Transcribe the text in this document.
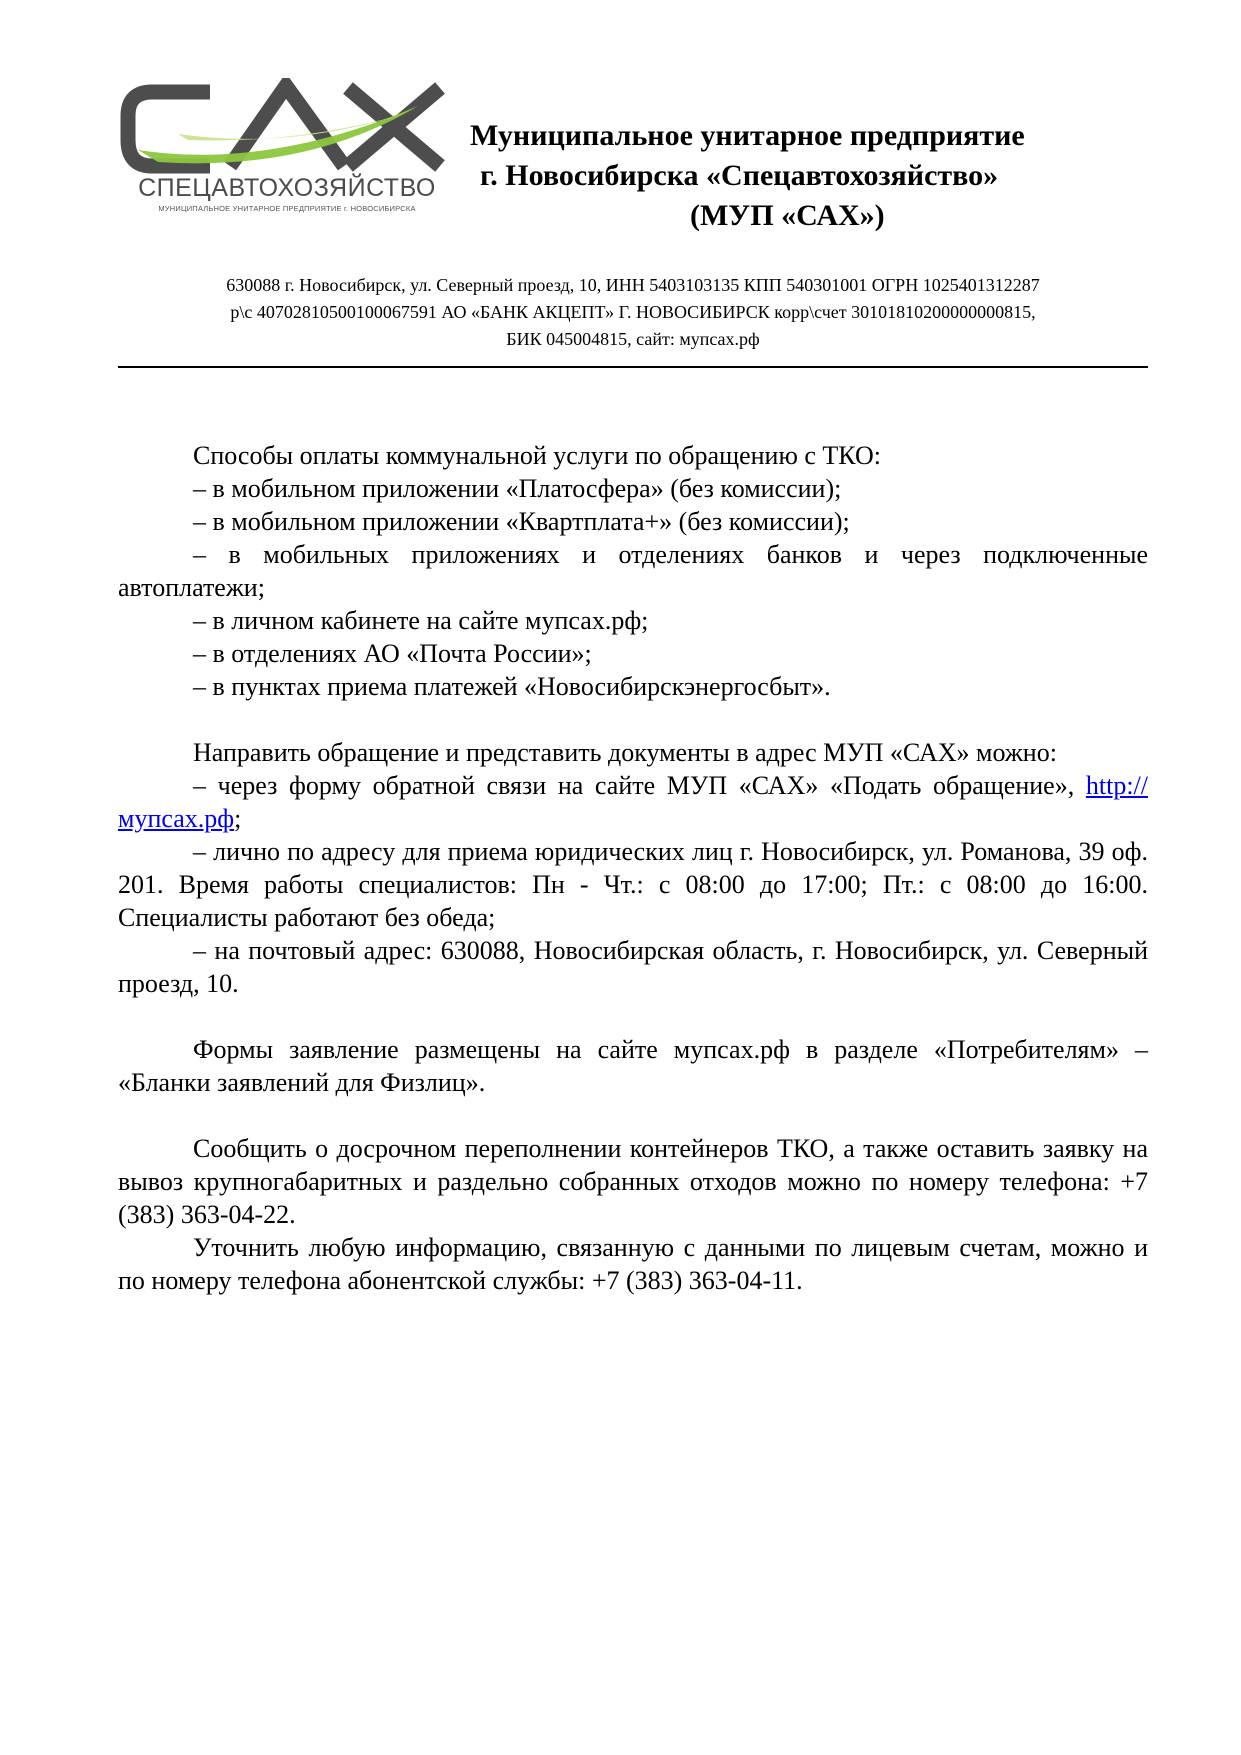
СПЕЦАВТОХОЗЯЙСТВО
МУНИЦИПАЛЬНОЕ УНИТАРНОЕ ПРЕДПРИЯТИЕ г. НОВОСИБИРСКА
Муниципальное унитарное предприятие
г. Новосибирска «Спецавтохозяйство»
(МУП «САХ»)
630088 г. Новосибирск, ул. Северный проезд, 10, ИНН 5403103135 КПП 540301001 ОГРН 1025401312287
р\с 40702810500100067591 АО «БАНК АКЦЕПТ» Г. НОВОСИБИРСК корр\счет 30101810200000000815,
БИК 045004815, сайт: мупсах.рф

Способы оплаты коммунальной услуги по обращению с ТКО:

– в мобильном приложении «Платосфера» (без комиссии);

– в мобильном приложении «Квартплата+» (без комиссии);

– в мобильных приложениях и отделениях банков и через подключенные автоплатежи;

– в личном кабинете на сайте мупсах.рф;

– в отделениях АО «Почта России»;

– в пунктах приема платежей «Новосибирскэнергосбыт».

Направить обращение и представить документы в адрес МУП «САХ» можно:

– через форму обратной связи на сайте МУП «САХ» «Подать обращение», http://мупсах.рф;

– лично по адресу для приема юридических лиц г. Новосибирск, ул. Романова, 39 оф. 201. Время работы специалистов: Пн - Чт.: с 08:00 до 17:00; Пт.: с 08:00 до 16:00. Специалисты работают без обеда;

– на почтовый адрес: 630088, Новосибирская область, г. Новосибирск, ул. Северный проезд, 10.

Формы заявление размещены на сайте мупсах.рф в разделе «Потребителям» – «Бланки заявлений для Физлиц».

Сообщить о досрочном переполнении контейнеров ТКО, а также оставить заявку на вывоз крупногабаритных и раздельно собранных отходов можно по номеру телефона: +7 (383) 363-04-22.

Уточнить любую информацию, связанную с данными по лицевым счетам, можно и по номеру телефона абонентской службы: +7 (383) 363-04-11.
